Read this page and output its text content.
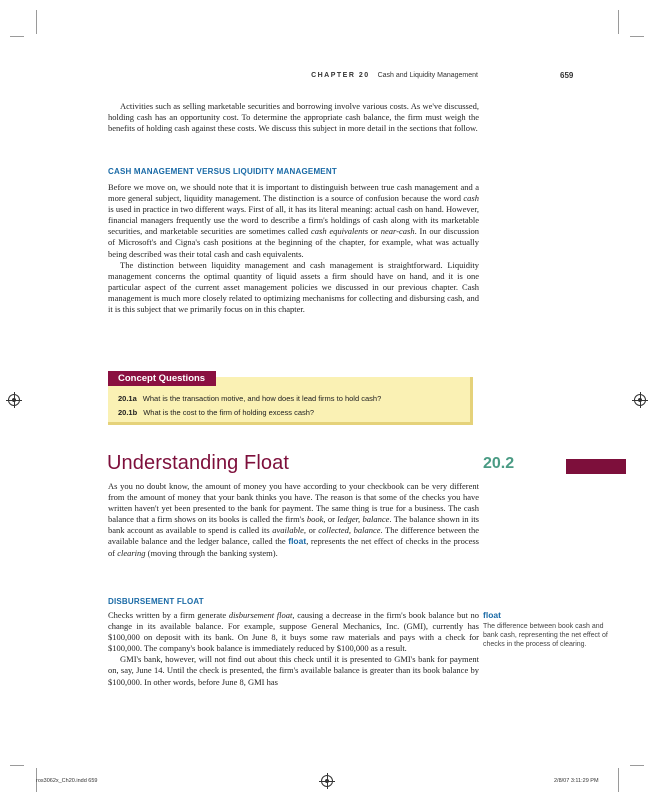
CHAPTER 20 Cash and Liquidity Management	659

Activities such as selling marketable securities and borrowing involve various costs. As we've discussed, holding cash has an opportunity cost. To determine the appropriate cash balance, the firm must weigh the benefits of holding cash against these costs. We discuss this subject in more detail in the sections that follow.

CASH MANAGEMENT VERSUS LIQUIDITY MANAGEMENT

Before we move on, we should note that it is important to distinguish between true cash management and a more general subject, liquidity management. The distinction is a source of confusion because the word cash is used in practice in two different ways. First of all, it has its literal meaning: actual cash on hand. However, financial managers frequently use the word to describe a firm's holdings of cash along with its marketable securities, and marketable securities are sometimes called cash equivalents or near-cash. In our discussion of Microsoft's and Cigna's cash positions at the beginning of the chapter, for example, what was actually being described was their total cash and cash equivalents.

The distinction between liquidity management and cash management is straightforward. Liquidity management concerns the optimal quantity of liquid assets a firm should have on hand, and it is one particular aspect of the current asset management policies we discussed in our previous chapter. Cash management is much more closely related to optimizing mechanisms for collecting and disbursing cash, and it is this subject that we primarily focus on in this chapter.

Concept Questions
20.1a What is the transaction motive, and how does it lead firms to hold cash?
20.1b What is the cost to the firm of holding excess cash?
Understanding Float	20.2

As you no doubt know, the amount of money you have according to your checkbook can be very different from the amount of money that your bank thinks you have. The reason is that some of the checks you have written haven't yet been presented to the bank for payment. The same thing is true for a business. The cash balance that a firm shows on its books is called the firm's book, or ledger, balance. The balance shown in its bank account as available to spend is called its available, or collected, balance. The difference between the available balance and the ledger balance, called the float, represents the net effect of checks in the process of clearing (moving through the banking system).

DISBURSEMENT FLOAT

Checks written by a firm generate disbursement float, causing a decrease in the firm's book balance but no change in its available balance. For example, suppose General Mechanics, Inc. (GMI), currently has $100,000 on deposit with its bank. On June 8, it buys some raw materials and pays with a check for $100,000. The company's book balance is immediately reduced by $100,000 as a result.

GMI's bank, however, will not find out about this check until it is presented to GMI's bank for payment on, say, June 14. Until the check is presented, the firm's available balance is greater than its book balance by $100,000. In other words, before June 8, GMI has

float
The difference between book cash and bank cash, representing the net effect of checks in the process of clearing.
ros3062x_Ch20.indd 659	2/8/07 3:11:29 PM
